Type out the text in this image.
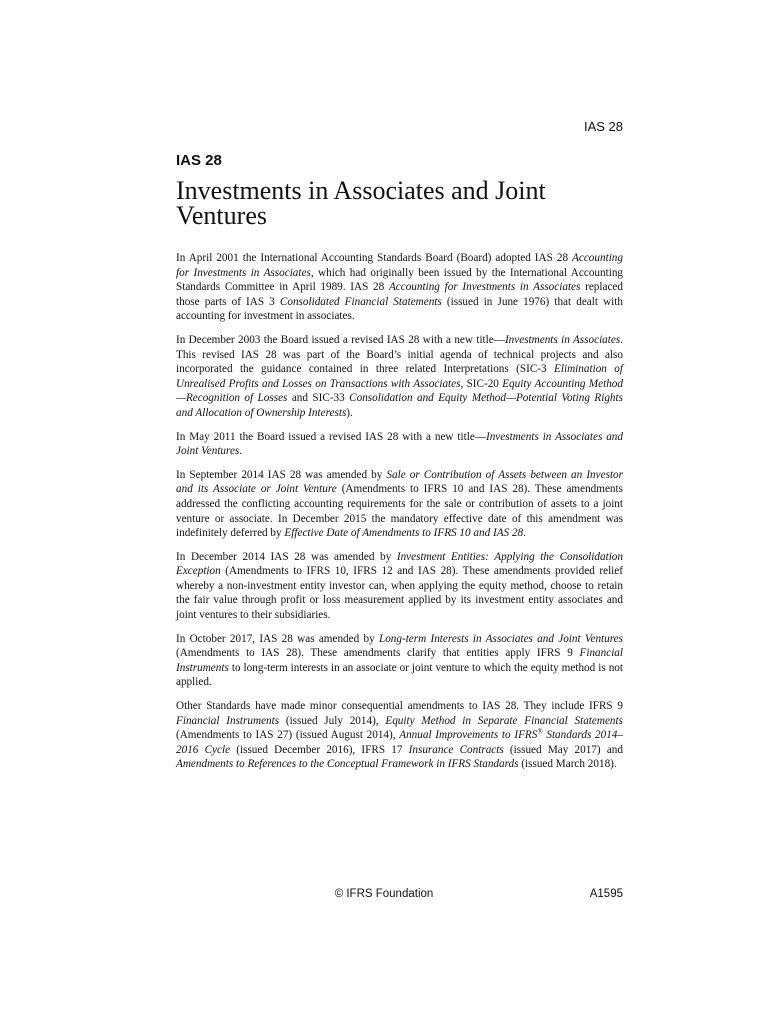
IAS 28
IAS 28
Investments in Associates and Joint Ventures

In April 2001 the International Accounting Standards Board (Board) adopted IAS 28 Accounting for Investments in Associates, which had originally been issued by the International Accounting Standards Committee in April 1989. IAS 28 Accounting for Investments in Associates replaced those parts of IAS 3 Consolidated Financial Statements (issued in June 1976) that dealt with accounting for investment in associates.

In December 2003 the Board issued a revised IAS 28 with a new title—Investments in Associates. This revised IAS 28 was part of the Board’s initial agenda of technical projects and also incorporated the guidance contained in three related Interpretations (SIC-3 Elimination of Unrealised Profits and Losses on Transactions with Associates, SIC-20 Equity Accounting Method—Recognition of Losses and SIC-33 Consolidation and Equity Method—Potential Voting Rights and Allocation of Ownership Interests).

In May 2011 the Board issued a revised IAS 28 with a new title—Investments in Associates and Joint Ventures.

In September 2014 IAS 28 was amended by Sale or Contribution of Assets between an Investor and its Associate or Joint Venture (Amendments to IFRS 10 and IAS 28). These amendments addressed the conflicting accounting requirements for the sale or contribution of assets to a joint venture or associate. In December 2015 the mandatory effective date of this amendment was indefinitely deferred by Effective Date of Amendments to IFRS 10 and IAS 28.

In December 2014 IAS 28 was amended by Investment Entities: Applying the Consolidation Exception (Amendments to IFRS 10, IFRS 12 and IAS 28). These amendments provided relief whereby a non-investment entity investor can, when applying the equity method, choose to retain the fair value through profit or loss measurement applied by its investment entity associates and joint ventures to their subsidiaries.

In October 2017, IAS 28 was amended by Long-term Interests in Associates and Joint Ventures (Amendments to IAS 28). These amendments clarify that entities apply IFRS 9 Financial Instruments to long-term interests in an associate or joint venture to which the equity method is not applied.

Other Standards have made minor consequential amendments to IAS 28. They include IFRS 9 Financial Instruments (issued July 2014), Equity Method in Separate Financial Statements (Amendments to IAS 27) (issued August 2014), Annual Improvements to IFRS® Standards 2014–2016 Cycle (issued December 2016), IFRS 17 Insurance Contracts (issued May 2017) and Amendments to References to the Conceptual Framework in IFRS Standards (issued March 2018).

© IFRS Foundation	A1595
